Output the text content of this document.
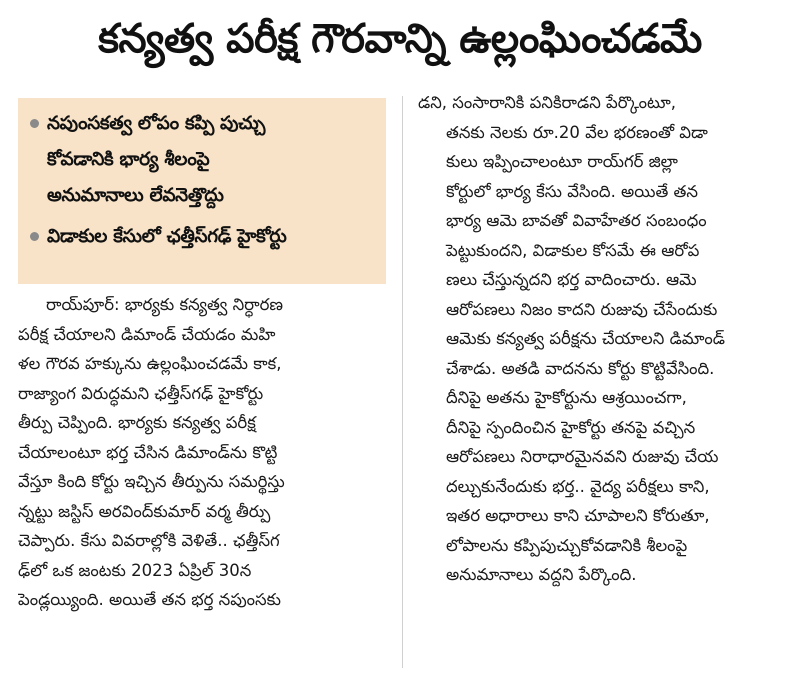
కన్యత్వ పరీక్ష గౌరవాన్ని ఉల్లంఘించడమే
నపుంసకత్వ లోపం కప్పి పుచ్చు
కోవడానికి భార్య శీలంపై
అనుమానాలు లేవనెత్తొద్దు
విడాకుల కేసులో ఛత్తీస్‌గఢ్ హైకోర్టు
రాయ్‌పూర్: భార్యకు కన్యత్వ నిర్ధారణ
పరీక్ష చేయాలని డిమాండ్ చేయడం మహి
ళల గౌరవ హక్కును ఉల్లంఘించడమే కాక,
రాజ్యాంగ విరుద్ధమని ఛత్తీస్‌గఢ్ హైకోర్టు
తీర్పు చెప్పింది. భార్యకు కన్యత్వ పరీక్ష
చేయాలంటూ భర్త చేసిన డిమాండ్‌ను కొట్టి
వేస్తూ కింది కోర్టు ఇచ్చిన తీర్పును సమర్థిస్తు
న్నట్టు జస్టిస్ అరవింద్‌కుమార్ వర్మ తీర్పు
చెప్పారు. కేసు వివరాల్లోకి వెళితే.. ఛత్తీస్‌గ
ఢ్‌లో ఒక జంటకు 2023 ఏప్రిల్ 30న
పెండ్లయ్యింది. అయితే తన భర్త నపుంసకు
డని, సంసారానికి పనికిరాడని పేర్కొంటూ,
తనకు నెలకు రూ.20 వేల భరణంతో విడా
కులు ఇప్పించాలంటూ రాయ్‌గర్ జిల్లా
కోర్టులో భార్య కేసు వేసింది. అయితే తన
భార్య ఆమె బావతో వివాహేతర సంబంధం
పెట్టుకుందని, విడాకుల కోసమే ఈ ఆరోప
ణలు చేస్తున్నదని భర్త వాదించారు. ఆమె
ఆరోపణలు నిజం కాదని రుజువు చేసేందుకు
ఆమెకు కన్యత్వ పరీక్షను చేయాలని డిమాండ్
చేశాడు. అతడి వాదనను కోర్టు కొట్టివేసింది.
దీనిపై అతను హైకోర్టును ఆశ్రయించగా,
దీనిపై స్పందించిన హైకోర్టు తనపై వచ్చిన
ఆరోపణలు నిరాధారమైనవని రుజువు చేయ
దల్చుకునేందుకు భర్త.. వైద్య పరీక్షలు కాని,
ఇతర అధారాలు కాని చూపాలని కోరుతూ,
లోపాలను కప్పిపుచ్చుకోవడానికి శీలంపై
అనుమానాలు వద్దని పేర్కొంది.
